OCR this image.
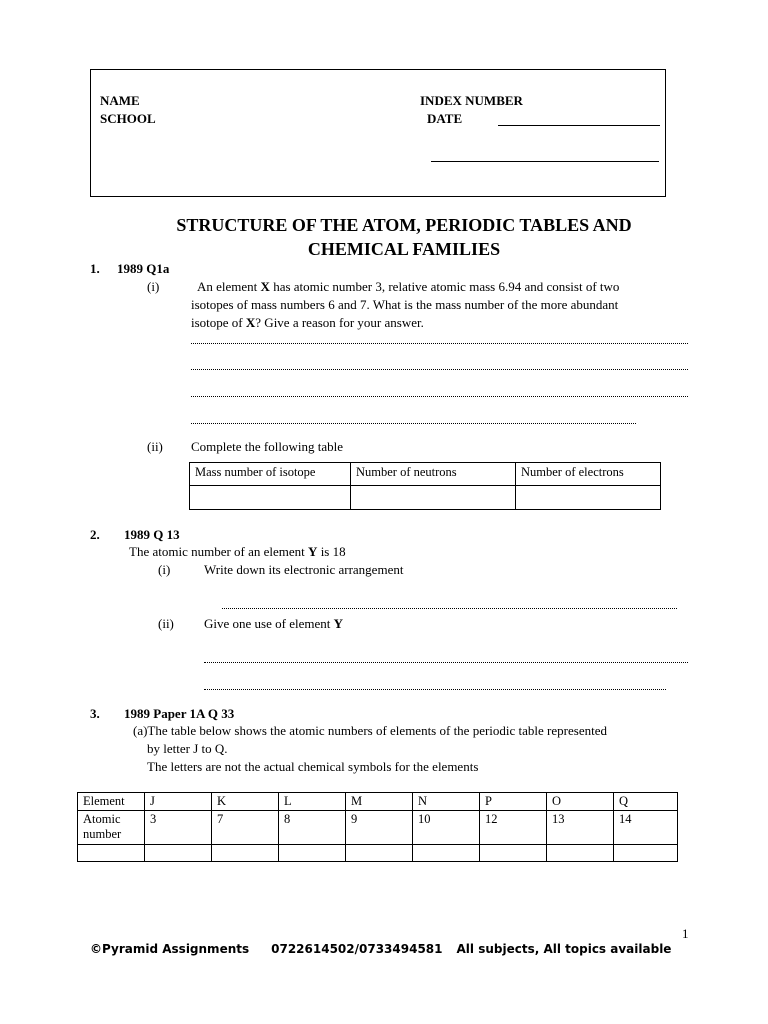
NAME
SCHOOL
INDEX NUMBER
DATE
STRUCTURE OF THE ATOM, PERIODIC TABLES AND
CHEMICAL FAMILIES
1. 1989 Q1a
(i)	An element X has atomic number 3, relative atomic mass 6.94 and consist of two
isotopes of mass numbers 6 and 7. What is the mass number of the more abundant
isotope of X? Give a reason for your answer.
(ii) Complete the following table
Mass number of isotope	Number of neutrons	Number of electrons

2. 1989 Q 13
The atomic number of an element Y is 18
(i)	Write down its electronic arrangement
(ii) Give one use of element Y
3. 1989 Paper 1A Q 33
(a)The table below shows the atomic numbers of elements of the periodic table represented
by letter J to Q.
The letters are not the actual chemical symbols for the elements
Element	J	K	L	M	N	P	O	Q

Atomic
number	3	7	8	9	10	12	13	14

1
©Pyramid Assignments 0722614502/0733494581 All subjects, All topics available
